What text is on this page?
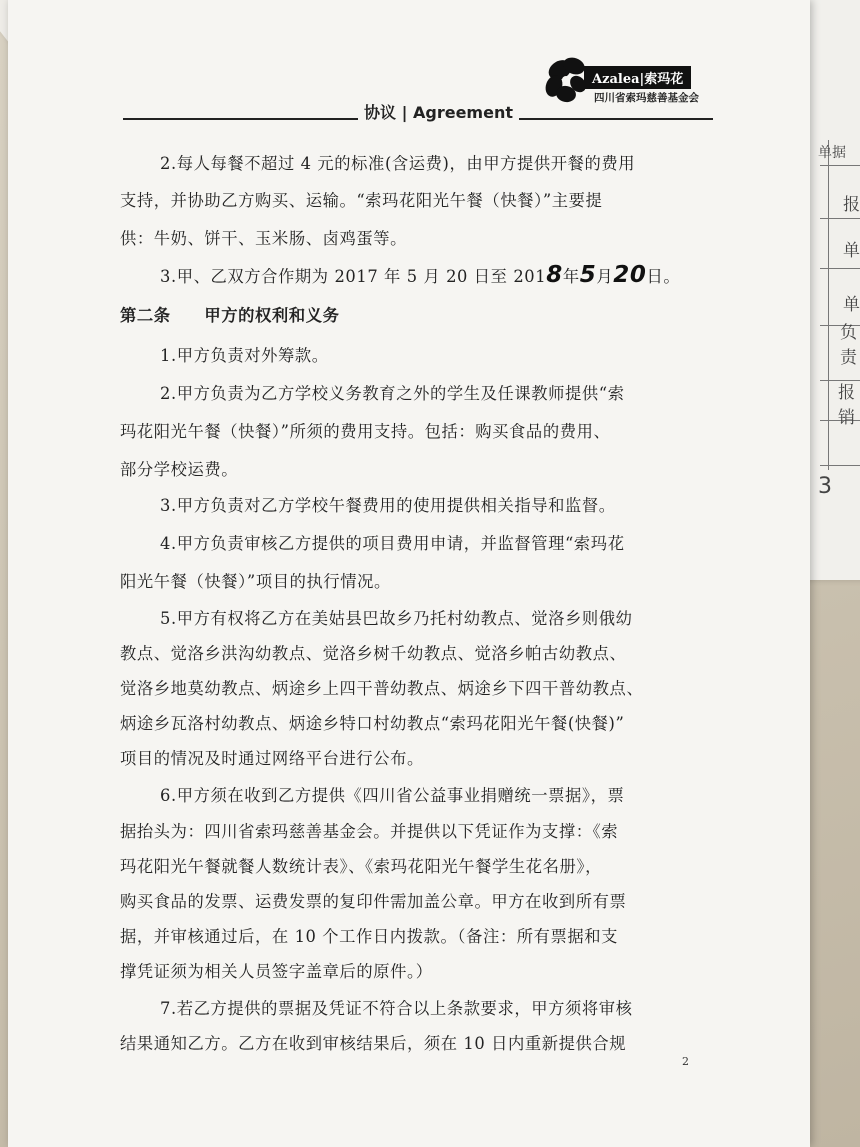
单据
报
单
单
负责
报销
3
Azalea|索玛花
四川省索玛慈善基金会
协议 | Agreement
2.每人每餐不超过 4 元的标准(含运费)，由甲方提供开餐的费用
支持，并协助乙方购买、运输。“索玛花阳光午餐（快餐）”主要提
供：牛奶、饼干、玉米肠、卤鸡蛋等。
3.甲、乙双方合作期为 2017 年 5 月 20 日至 2018年5月20日。
第二条　　甲方的权利和义务
1.甲方负责对外筹款。
2.甲方负责为乙方学校义务教育之外的学生及任课教师提供“索
玛花阳光午餐（快餐）”所须的费用支持。包括：购买食品的费用、
部分学校运费。
3.甲方负责对乙方学校午餐费用的使用提供相关指导和监督。
4.甲方负责审核乙方提供的项目费用申请，并监督管理“索玛花
阳光午餐（快餐）”项目的执行情况。
5.甲方有权将乙方在美姑县巴故乡乃托村幼教点、觉洛乡则俄幼
教点、觉洛乡洪沟幼教点、觉洛乡树千幼教点、觉洛乡帕古幼教点、
觉洛乡地莫幼教点、炳途乡上四干普幼教点、炳途乡下四干普幼教点、
炳途乡瓦洛村幼教点、炳途乡特口村幼教点“索玛花阳光午餐(快餐)”
项目的情况及时通过网络平台进行公布。
6.甲方须在收到乙方提供《四川省公益事业捐赠统一票据》，票
据抬头为：四川省索玛慈善基金会。并提供以下凭证作为支撑：《索
玛花阳光午餐就餐人数统计表》、《索玛花阳光午餐学生花名册》，
购买食品的发票、运费发票的复印件需加盖公章。甲方在收到所有票
据，并审核通过后，在 10 个工作日内拨款。（备注：所有票据和支
撑凭证须为相关人员签字盖章后的原件。）
7.若乙方提供的票据及凭证不符合以上条款要求，甲方须将审核
结果通知乙方。乙方在收到审核结果后，须在 10 日内重新提供合规
2
